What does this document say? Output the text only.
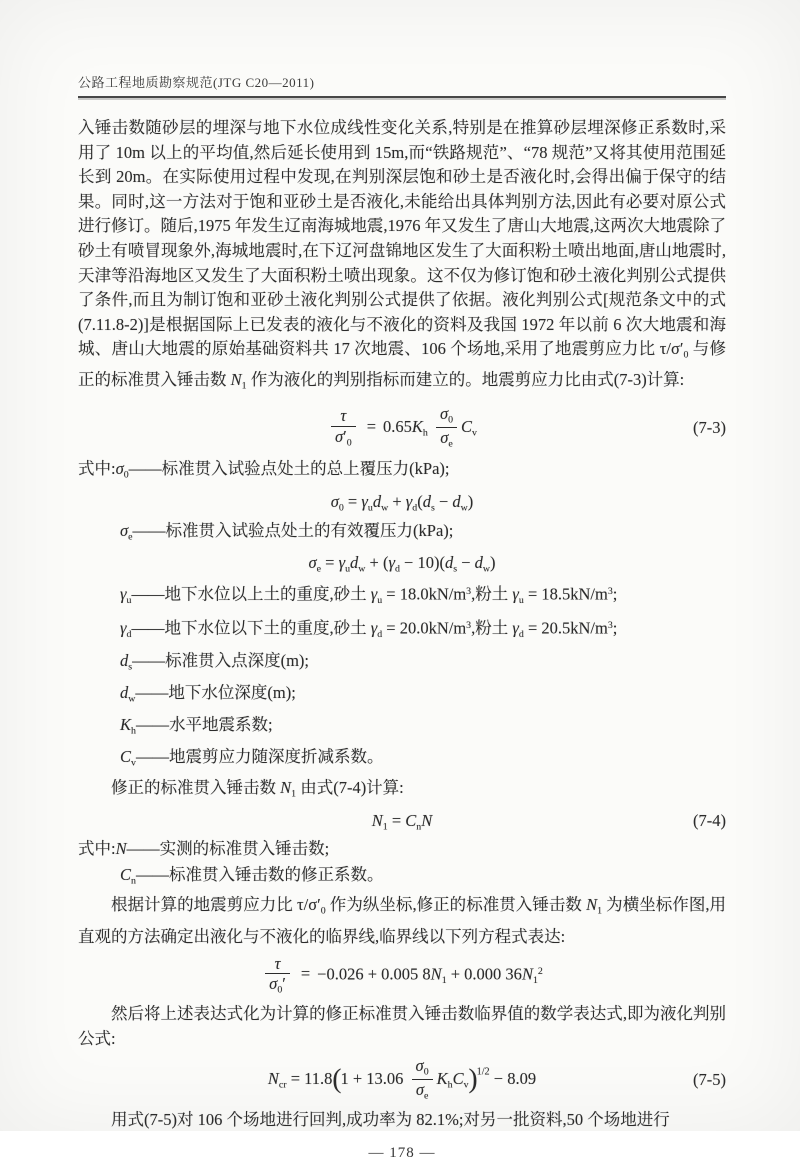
公路工程地质勘察规范(JTG C20—2011)

入锤击数随砂层的埋深与地下水位成线性变化关系,特别是在推算砂层埋深修正系数时,采用了 10m 以上的平均值,然后延长使用到 15m,而“铁路规范”、“78 规范”又将其使用范围延长到 20m。在实际使用过程中发现,在判别深层饱和砂土是否液化时,会得出偏于保守的结果。同时,这一方法对于饱和亚砂土是否液化,未能给出具体判别方法,因此有必要对原公式进行修订。随后,1975 年发生辽南海城地震,1976 年又发生了唐山大地震,这两次大地震除了砂土有喷冒现象外,海城地震时,在下辽河盘锦地区发生了大面积粉土喷出地面,唐山地震时,天津等沿海地区又发生了大面积粉土喷出现象。这不仅为修订饱和砂土液化判别公式提供了条件,而且为制订饱和亚砂土液化判别公式提供了依据。液化判别公式[规范条文中的式(7.11.8-2)]是根据国际上已发表的液化与不液化的资料及我国 1972 年以前 6 次大地震和海城、唐山大地震的原始基础资料共 17 次地震、106 个场地,采用了地震剪应力比 $\tau/\sigma'_0$ 与修正的标准贯入锤击数 $N_1$ 作为液化的判别指标而建立的。地震剪应力比由式(7-3)计算:

$\frac{\tau}{\sigma'_0} = 0.65K_h \frac{\sigma_0}{\sigma_e} C_v$	(7-3)
式中$:\sigma_0——$标准贯入试验点处土的总上覆压力(kPa);
$\sigma_0 = \gamma_ud_w + \gamma_d(d_s - d_w)$
$\sigma_e——$标准贯入试验点处土的有效覆压力(kPa);
$\sigma_e = \gamma_ud_w + (\gamma_d - 10)(d_s - d_w)$
$\gamma_u——$地下水位以上土的重度,砂土 $\gamma_u = 18.0kN/m^3$,粉土 $\gamma_u = 18.5kN/m^3$;
$\gamma_d——$地下水位以下土的重度,砂土 $\gamma_d = 20.0kN/m^3$,粉土 $\gamma_d = 20.5kN/m^3$;
$d_s——$标准贯入点深度(m);
$d_w——$地下水位深度(m);
$K_h——$水平地震系数;
$C_v——$地震剪应力随深度折减系数。

修正的标准贯入锤击数 $N_1$ 由式(7-4)计算:

$N_1 = C_nN$	(7-4)
式中:N——实测的标准贯入锤击数;
$C_n——$标准贯入锤击数的修正系数。

根据计算的地震剪应力比 $\tau/\sigma'_0$ 作为纵坐标,修正的标准贯入锤击数 $N_1$ 为横坐标作图,用直观的方法确定出液化与不液化的临界线,临界线以下列方程式表达:

$\frac{\tau}{\sigma_0'} = -0.026 + 0.005$ $8N_1 + 0.000$ $36N_1^2$

然后将上述表达式化为计算的修正标准贯入锤击数临界值的数学表达式,即为液化判别公式:

$N_{cr} = 11.8(1 + 13.06 \frac{\sigma_0}{\sigma_e} K_hC_v)^{1/2} - 8.09$	(7-5)

用式(7-5)对 106 个场地进行回判,成功率为 82.1%;对另一批资料,50 个场地进行

— 178 —
